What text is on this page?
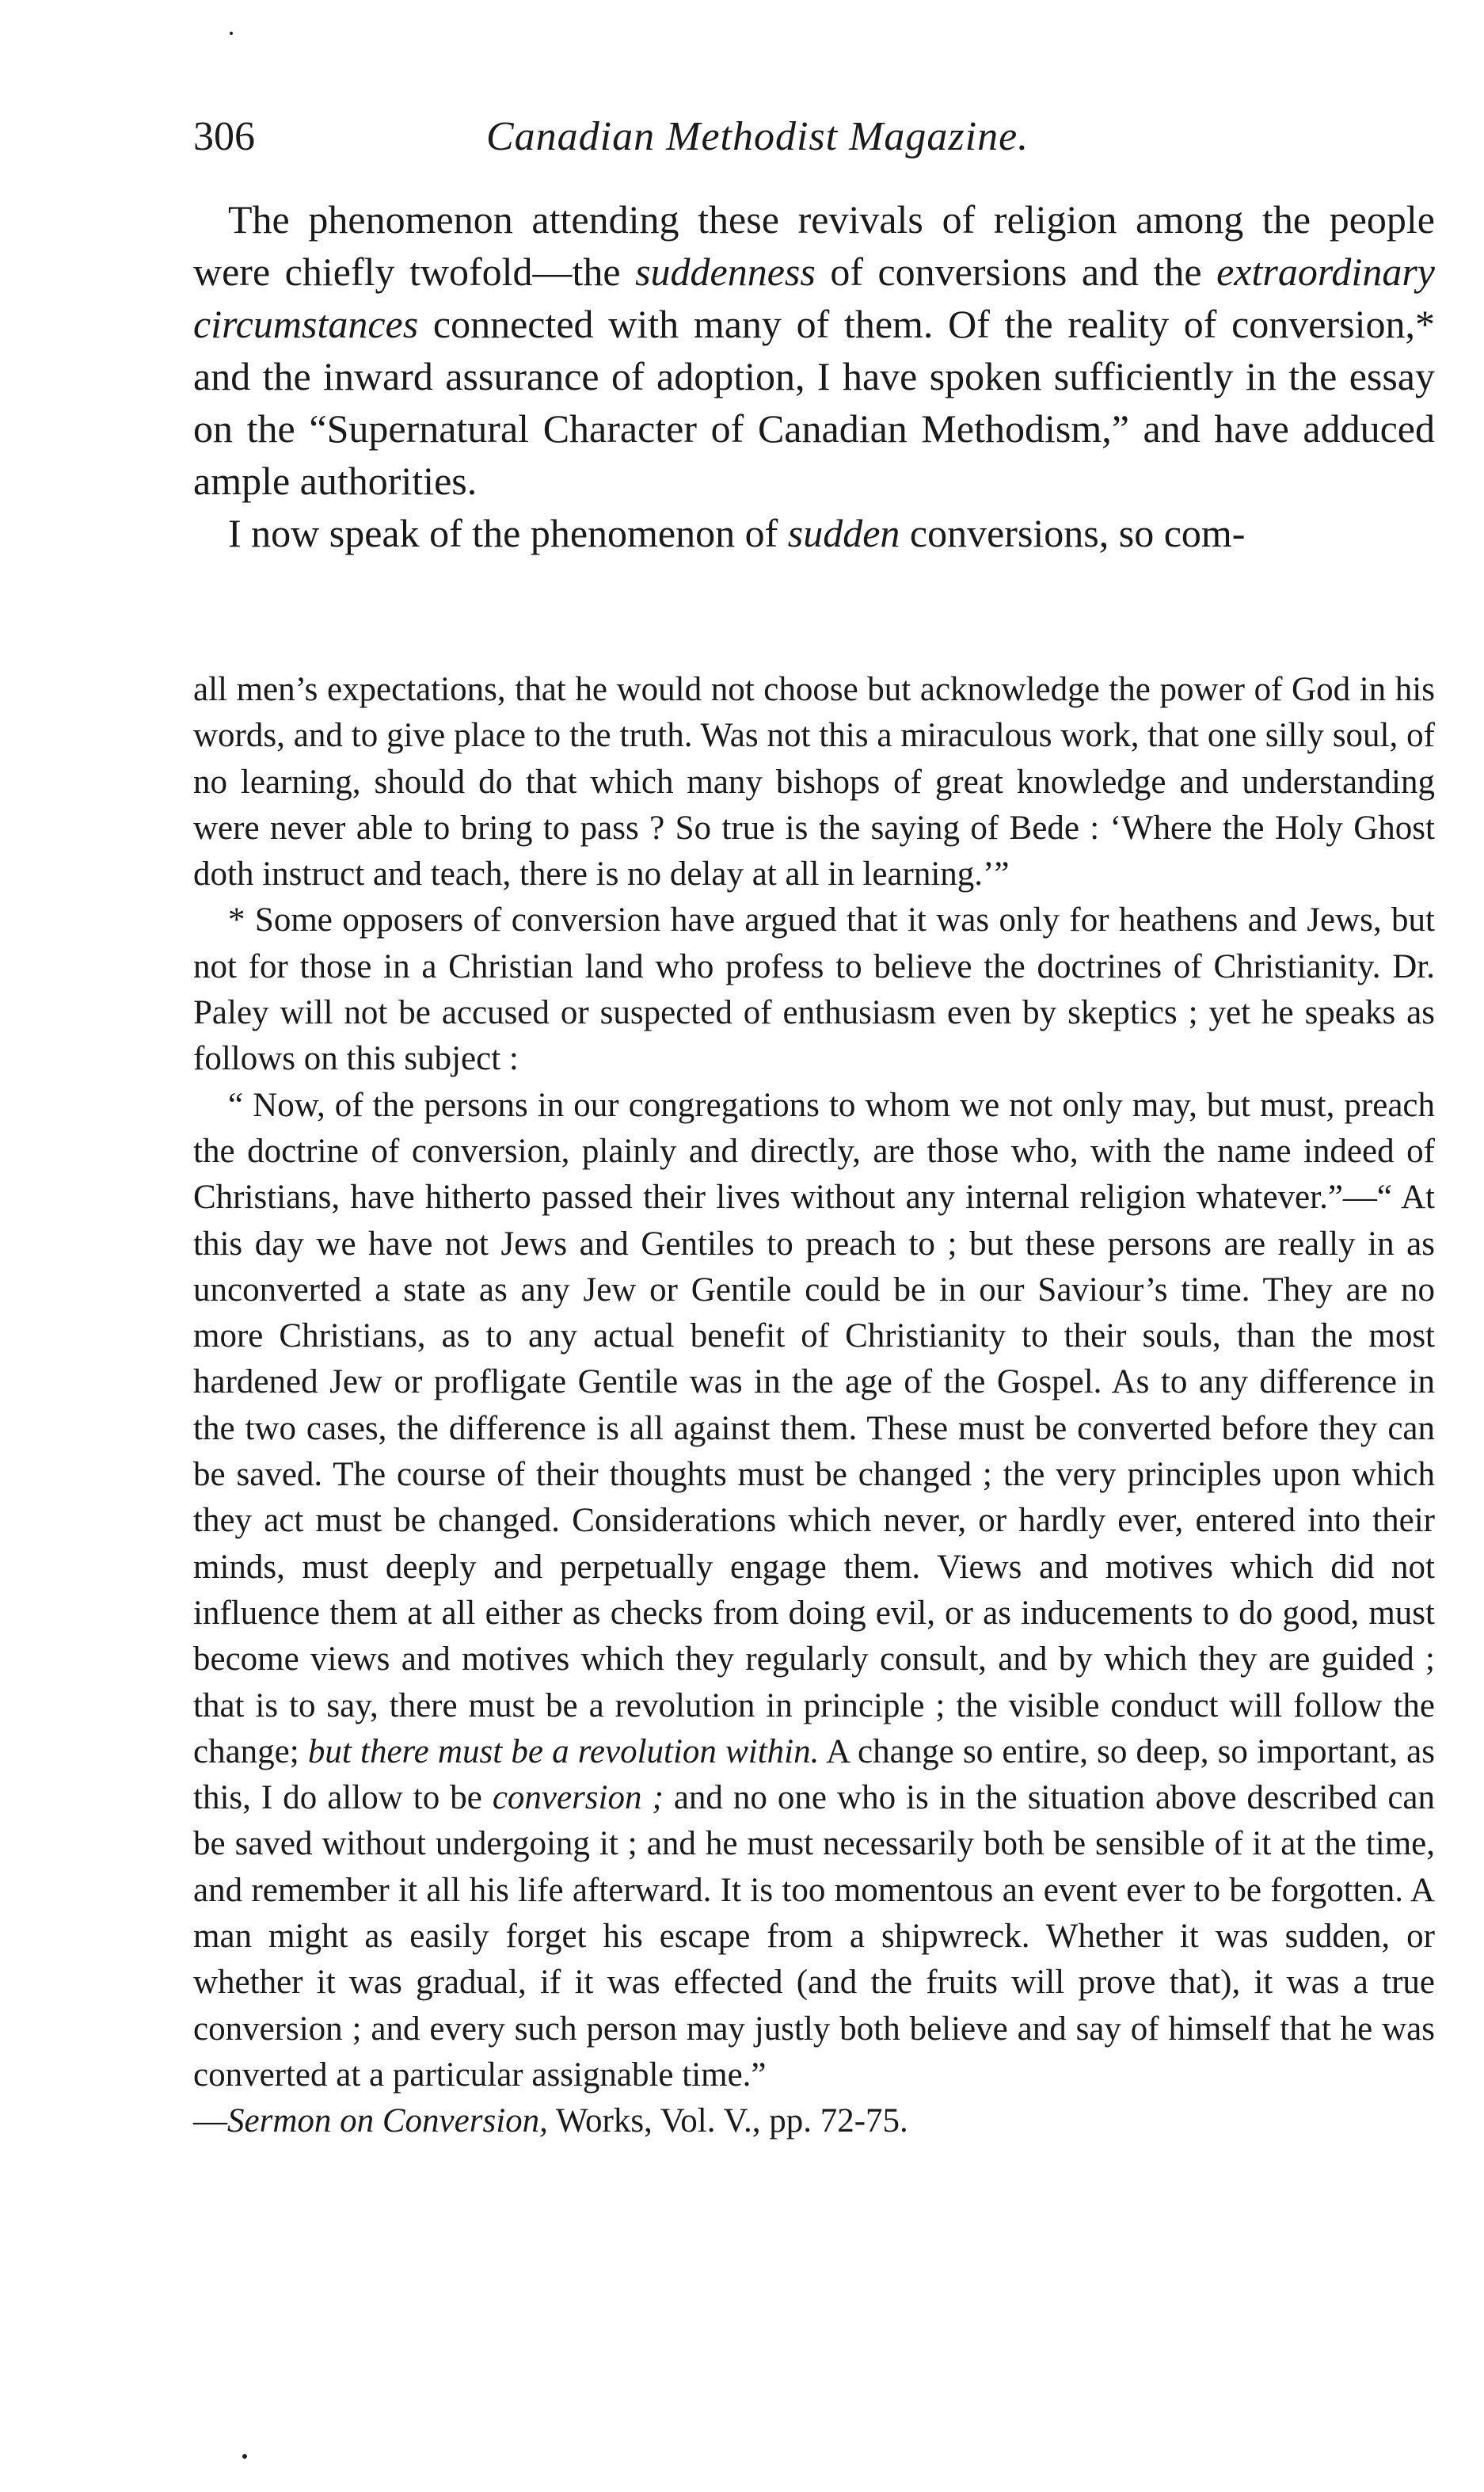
306	Canadian Methodist Magazine.

The phenomenon attending these revivals of religion among the people were chiefly twofold—the suddenness of conversions and the extraordinary circumstances connected with many of them. Of the reality of conversion,* and the inward assurance of adoption, I have spoken sufficiently in the essay on the “Supernatural Character of Canadian Methodism,” and have adduced ample authorities.

I now speak of the phenomenon of sudden conversions, so com-

all men’s expectations, that he would not choose but acknowledge the power of God in his words, and to give place to the truth. Was not this a miraculous work, that one silly soul, of no learning, should do that which many bishops of great knowledge and understanding were never able to bring to pass ? So true is the saying of Bede : ‘Where the Holy Ghost doth instruct and teach, there is no delay at all in learning.’”

* Some opposers of conversion have argued that it was only for heathens and Jews, but not for those in a Christian land who profess to believe the doctrines of Christianity. Dr. Paley will not be accused or suspected of enthusiasm even by skeptics ; yet he speaks as follows on this subject :

“ Now, of the persons in our congregations to whom we not only may, but must, preach the doctrine of conversion, plainly and directly, are those who, with the name indeed of Christians, have hitherto passed their lives without any internal religion whatever.”—“ At this day we have not Jews and Gentiles to preach to ; but these persons are really in as unconverted a state as any Jew or Gentile could be in our Saviour’s time. They are no more Christians, as to any actual benefit of Christianity to their souls, than the most hardened Jew or profligate Gentile was in the age of the Gospel. As to any difference in the two cases, the difference is all against them. These must be converted before they can be saved. The course of their thoughts must be changed ; the very principles upon which they act must be changed. Considerations which never, or hardly ever, entered into their minds, must deeply and perpetually engage them. Views and motives which did not influence them at all either as checks from doing evil, or as inducements to do good, must become views and motives which they regularly consult, and by which they are guided ; that is to say, there must be a revolution in principle ; the visible conduct will follow the change; but there must be a revolution within. A change so entire, so deep, so important, as this, I do allow to be conversion ; and no one who is in the situation above described can be saved without undergoing it ; and he must necessarily both be sensible of it at the time, and remember it all his life afterward. It is too momentous an event ever to be forgotten. A man might as easily forget his escape from a shipwreck. Whether it was sudden, or whether it was gradual, if it was effected (and the fruits will prove that), it was a true conversion ; and every such person may justly both believe and say of himself that he was converted at a particular assignable time.”

—Sermon on Conversion, Works, Vol. V., pp. 72-75.
